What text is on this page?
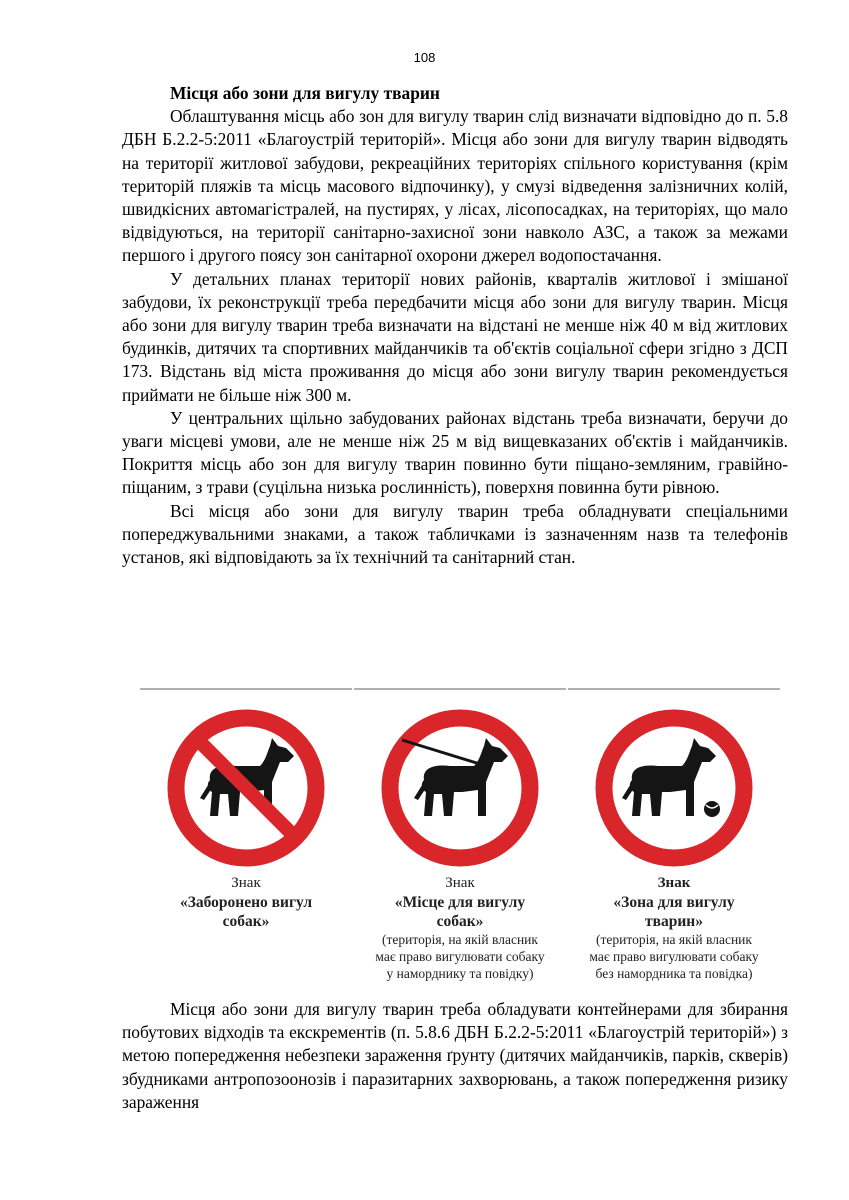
108
Місця або зони для вигулу тварин

Облаштування місць або зон для вигулу тварин слід визначати відповідно до п. 5.8 ДБН Б.2.2-5:2011 «Благоустрій територій». Місця або зони для вигулу тварин відводять на території житлової забудови, рекреаційних територіях спільного користування (крім територій пляжів та місць масового відпочинку), у смузі відведення залізничних колій, швидкісних автомагістралей, на пустирях, у лісах, лісопосадках, на територіях, що мало відвідуються, на території санітарно-захисної зони навколо АЗС, а також за межами першого і другого поясу зон санітарної охорони джерел водопостачання.

У детальних планах території нових районів, кварталів житлової і змішаної забудови, їх реконструкції треба передбачити місця або зони для вигулу тварин. Місця або зони для вигулу тварин треба визначати на відстані не менше ніж 40 м від житлових будинків, дитячих та спортивних майданчиків та об'єктів соціальної сфери згідно з ДСП 173. Відстань від міста проживання до місця або зони вигулу тварин рекомендується приймати не більше ніж 300 м.

У центральних щільно забудованих районах відстань треба визначати, беручи до уваги місцеві умови, але не менше ніж 25 м від вищевказаних об'єктів і майданчиків. Покриття місць або зон для вигулу тварин повинно бути піщано-земляним, гравійно-піщаним, з трави (суцільна низька рослинність), поверхня повинна бути рівною.

Всі місця або зони для вигулу тварин треба обладнувати спеціальними попереджувальними знаками, а також табличками із зазначенням назв та телефонів установ, які відповідають за їх технічний та санітарний стан.

Знак
«Заборонено вигул
собак»
Знак
«Місце для вигулу
собак»
(територія, на якій власник
має право вигулювати собаку
у наморднику та повідку)
Знак
«Зона для вигулу
тварин»
(територія, на якій власник
має право вигулювати собаку
без намордника та повідка)

Місця або зони для вигулу тварин треба обладувати контейнерами для збирання побутових відходів та екскрементів (п. 5.8.6 ДБН Б.2.2-5:2011 «Благоустрій територій») з метою попередження небезпеки зараження ґрунту (дитячих майданчиків, парків, скверів) збудниками антропозоонозів і паразитарних захворювань, а також попередження ризику зараження
